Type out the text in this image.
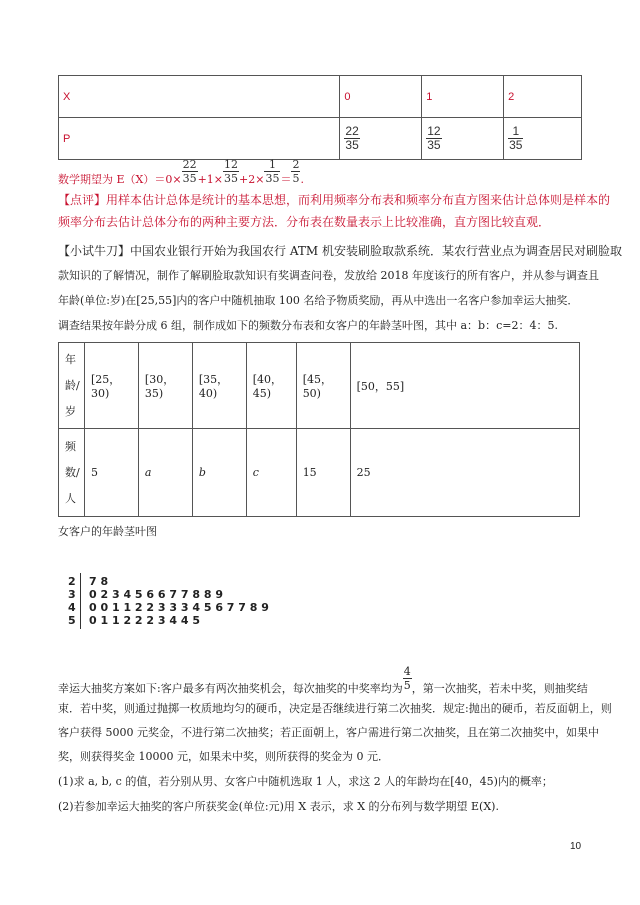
X	0	1	2
P	$\frac{22}{35}$	$\frac{12}{35}$	$\frac{1}{35}$
数学期望为 $E(X)=0\times \frac{22}{35} +1\times \frac{12}{35} +2\times \frac{1}{35} = \frac{2}{5}$ .
【点评】用样本估计总体是统计的基本思想，而利用频率分布表和频率分布直方图来估计总体则是样本的
频率分布去估计总体分布的两种主要方法．分布表在数量表示上比较准确，直方图比较直观．
【小试牛刀】中国农业银行开始为我国农行 ATM 机安装刷脸取款系统．某农行营业点为调查居民对刷脸取
款知识的了解情况，制作了解刷脸取款知识有奖调查问卷，发放给 2018 年度该行的所有客户，并从参与调查且
年龄(单位:岁)在[25,55]内的客户中随机抽取 100 名给予物质奖励，再从中选出一名客户参加幸运大抽奖．
调查结果按年龄分成 6 组，制作成如下的频数分布表和女客户的年龄茎叶图，其中 a：b：c=2：4：5.
年
龄/
岁	[25，30)	[30，35)	[35，40)	[40，45)	[45，50)	[50，55]

频
数/
人	5	a	b	c	15	25
女客户的年龄茎叶图
2 7 8
3 0 2 3 4 5 6 6 7 7 8 8 9
4 0 0 1 1 2 2 3 3 3 4 5 6 7 7 8 9
5 0 1 1 2 2 2 3 4 4 5
幸运大抽奖方案如下:客户最多有两次抽奖机会，每次抽奖的中奖率均为 $\frac{4}{5}$ ，第一次抽奖，若未中奖，则抽奖结
束．若中奖，则通过抛掷一枚质地均匀的硬币，决定是否继续进行第二次抽奖．规定:抛出的硬币，若反面朝上，则
客户获得 5000 元奖金，不进行第二次抽奖；若正面朝上，客户需进行第二次抽奖，且在第二次抽奖中，如果中
奖，则获得奖金 10000 元，如果未中奖，则所获得的奖金为 0 元．
(1)求 a, b, c 的值，若分别从男、女客户中随机选取 1 人，求这 2 人的年龄均在[40，45)内的概率；
(2)若参加幸运大抽奖的客户所获奖金(单位:元)用 X 表示，求 X 的分布列与数学期望 E(X).
10
